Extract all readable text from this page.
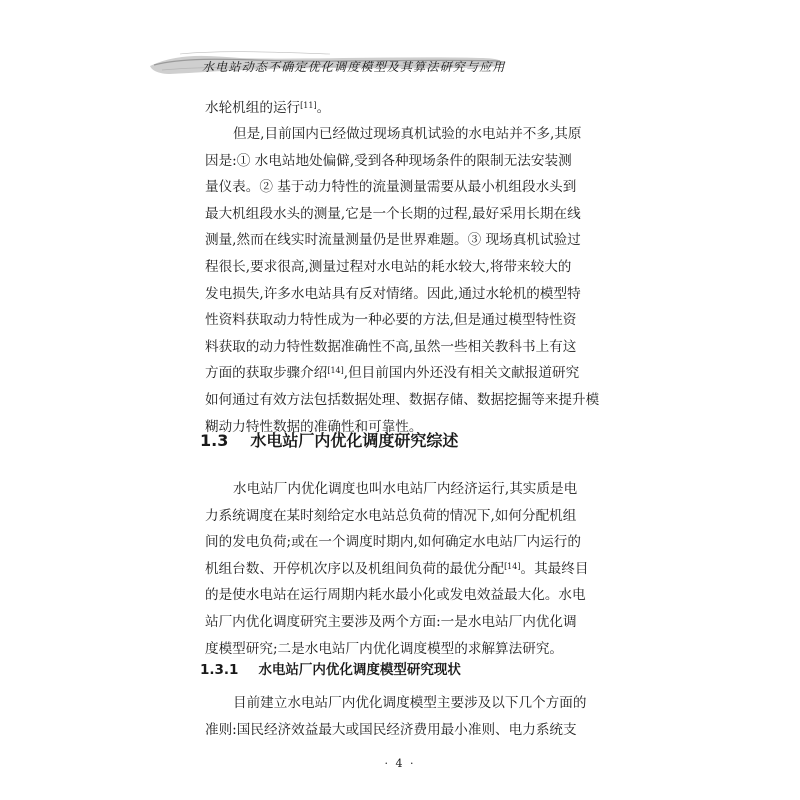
水电站动态不确定优化调度模型及其算法研究与应用
水轮机组的运行[11]。
但是,目前国内已经做过现场真机试验的水电站并不多,其原
因是:① 水电站地处偏僻,受到各种现场条件的限制无法安装测
量仪表。② 基于动力特性的流量测量需要从最小机组段水头到
最大机组段水头的测量,它是一个长期的过程,最好采用长期在线
测量,然而在线实时流量测量仍是世界难题。③ 现场真机试验过
程很长,要求很高,测量过程对水电站的耗水较大,将带来较大的
发电损失,许多水电站具有反对情绪。因此,通过水轮机的模型特
性资料获取动力特性成为一种必要的方法,但是通过模型特性资
料获取的动力特性数据准确性不高,虽然一些相关教科书上有这
方面的获取步骤介绍[14],但目前国内外还没有相关文献报道研究
如何通过有效方法包括数据处理、数据存储、数据挖掘等来提升模
糊动力特性数据的准确性和可靠性。
1.3 水电站厂内优化调度研究综述
水电站厂内优化调度也叫水电站厂内经济运行,其实质是电
力系统调度在某时刻给定水电站总负荷的情况下,如何分配机组
间的发电负荷;或在一个调度时期内,如何确定水电站厂内运行的
机组台数、开停机次序以及机组间负荷的最优分配[14]。其最终目
的是使水电站在运行周期内耗水最小化或发电效益最大化。水电
站厂内优化调度研究主要涉及两个方面:一是水电站厂内优化调
度模型研究;二是水电站厂内优化调度模型的求解算法研究。
1.3.1 水电站厂内优化调度模型研究现状
目前建立水电站厂内优化调度模型主要涉及以下几个方面的
准则:国民经济效益最大或国民经济费用最小准则、电力系统支
· 4 ·
